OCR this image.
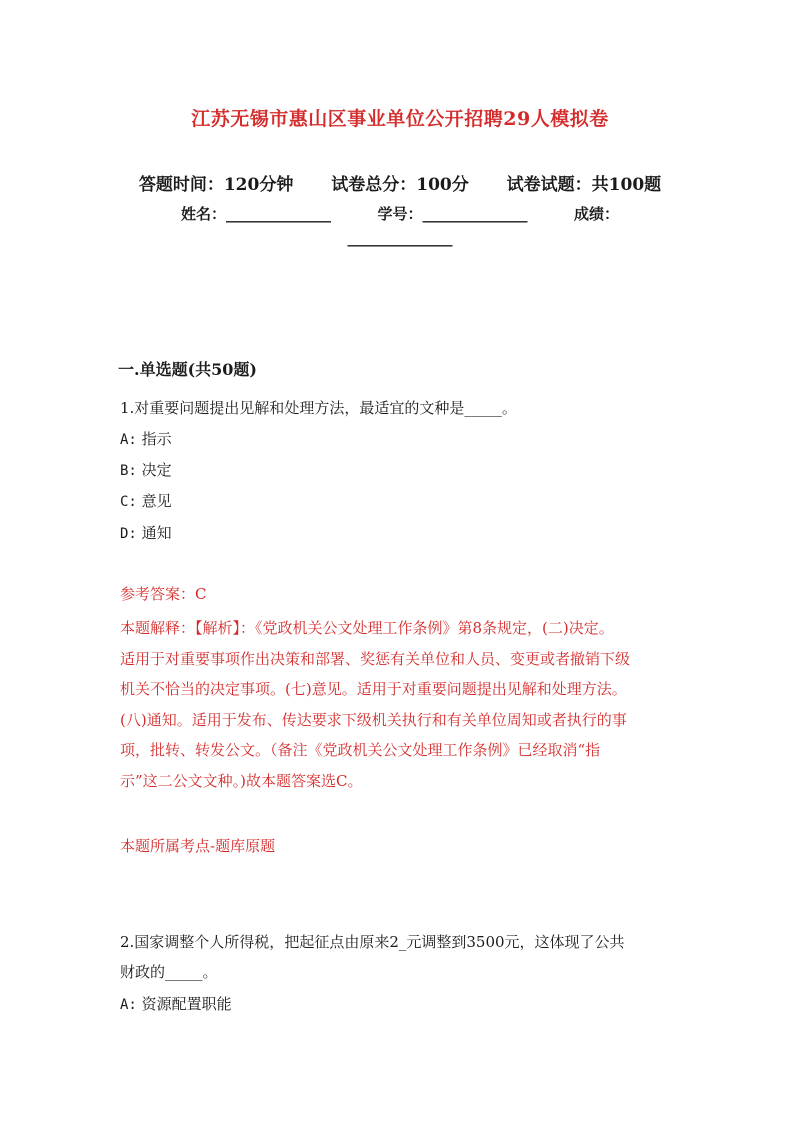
江苏无锡市惠山区事业单位公开招聘29人模拟卷
答题时间：120分钟 试卷总分：100分 试卷试题：共100题
姓名：______________	学号：______________	成绩：
______________
一.单选题(共50题)
1.对重要问题提出见解和处理方法，最适宜的文种是_____。
A: 指示
B: 决定
C: 意见
D: 通知
参考答案：C
本题解释：【解析】：《党政机关公文处理工作条例》第8条规定，(二)决定。
适用于对重要事项作出决策和部署、奖惩有关单位和人员、变更或者撤销下级
机关不恰当的决定事项。(七)意见。适用于对重要问题提出见解和处理方法。
(八)通知。适用于发布、传达要求下级机关执行和有关单位周知或者执行的事
项，批转、转发公文。（备注《党政机关公文处理工作条例》已经取消“指
示”这二公文文种。)故本题答案选C。
本题所属考点-题库原题
2.国家调整个人所得税，把起征点由原来2_元调整到3500元，这体现了公共
财政的_____。
A: 资源配置职能
